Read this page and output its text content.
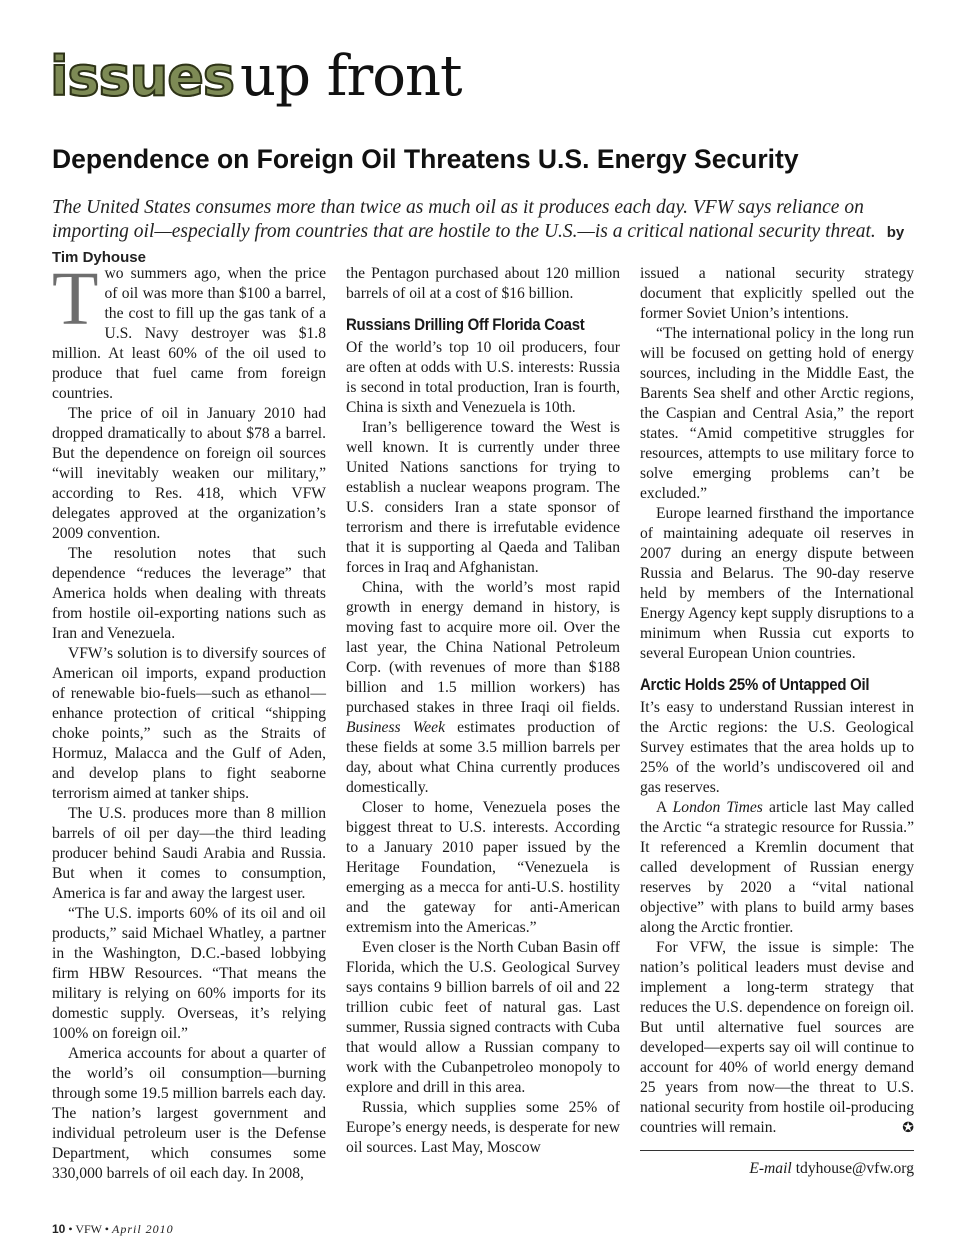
issues up front
Dependence on Foreign Oil Threatens U.S. Energy Security
The United States consumes more than twice as much oil as it produces each day. VFW says reliance on importing oil—especially from countries that are hostile to the U.S.—is a critical national security threat. by Tim Dyhouse

Two summers ago, when the price of oil was more than $100 a barrel, the cost to fill up the gas tank of a U.S. Navy destroyer was $1.8 million. At least 60% of the oil used to produce that fuel came from foreign countries.

The price of oil in January 2010 had dropped dramatically to about $78 a barrel. But the dependence on foreign oil sources “will inevitably weaken our military,” according to Res. 418, which VFW delegates approved at the organization’s 2009 convention.

The resolution notes that such dependence “reduces the leverage” that America holds when dealing with threats from hostile oil-exporting nations such as Iran and Venezuela.

VFW’s solution is to diversify sources of American oil imports, expand production of renewable bio-fuels—such as ethanol—enhance protection of critical “shipping choke points,” such as the Straits of Hormuz, Malacca and the Gulf of Aden, and develop plans to fight seaborne terrorism aimed at tanker ships.

The U.S. produces more than 8 million barrels of oil per day—the third leading producer behind Saudi Arabia and Russia. But when it comes to consumption, America is far and away the largest user.

“The U.S. imports 60% of its oil and oil products,” said Michael Whatley, a partner in the Washington, D.C.-based lobbying firm HBW Resources. “That means the military is relying on 60% imports for its domestic supply. Overseas, it’s relying 100% on foreign oil.”

America accounts for about a quarter of the world’s oil consumption—burning through some 19.5 million barrels each day. The nation’s largest government and individual petroleum user is the Defense Department, which consumes some 330,000 barrels of oil each day. In 2008,

the Pentagon purchased about 120 million barrels of oil at a cost of $16 billion.

Russians Drilling Off Florida Coast

Of the world’s top 10 oil producers, four are often at odds with U.S. interests: Russia is second in total production, Iran is fourth, China is sixth and Venezuela is 10th.

Iran’s belligerence toward the West is well known. It is currently under three United Nations sanctions for trying to establish a nuclear weapons program. The U.S. considers Iran a state sponsor of terrorism and there is irrefutable evidence that it is supporting al Qaeda and Taliban forces in Iraq and Afghanistan.

China, with the world’s most rapid growth in energy demand in history, is moving fast to acquire more oil. Over the last year, the China National Petroleum Corp. (with revenues of more than $188 billion and 1.5 million workers) has purchased stakes in three Iraqi oil fields. Business Week estimates production of these fields at some 3.5 million barrels per day, about what China currently produces domestically.

Closer to home, Venezuela poses the biggest threat to U.S. interests. According to a January 2010 paper issued by the Heritage Foundation, “Venezuela is emerging as a mecca for anti-U.S. hostility and the gateway for anti-American extremism into the Americas.”

Even closer is the North Cuban Basin off Florida, which the U.S. Geological Survey says contains 9 billion barrels of oil and 22 trillion cubic feet of natural gas. Last summer, Russia signed contracts with Cuba that would allow a Russian company to work with the Cubanpetroleo monopoly to explore and drill in this area.

Russia, which supplies some 25% of Europe’s energy needs, is desperate for new oil sources. Last May, Moscow

issued a national security strategy document that explicitly spelled out the former Soviet Union’s intentions.

“The international policy in the long run will be focused on getting hold of energy sources, including in the Middle East, the Barents Sea shelf and other Arctic regions, the Caspian and Central Asia,” the report states. “Amid competitive struggles for resources, attempts to use military force to solve emerging problems can’t be excluded.”

Europe learned firsthand the importance of maintaining adequate oil reserves in 2007 during an energy dispute between Russia and Belarus. The 90-day reserve held by members of the International Energy Agency kept supply disruptions to a minimum when Russia cut exports to several European Union countries.

Arctic Holds 25% of Untapped Oil

It’s easy to understand Russian interest in the Arctic regions: the U.S. Geological Survey estimates that the area holds up to 25% of the world’s undiscovered oil and gas reserves.

A London Times article last May called the Arctic “a strategic resource for Russia.” It referenced a Kremlin document that called development of Russian energy reserves by 2020 a “vital national objective” with plans to build army bases along the Arctic frontier.

For VFW, the issue is simple: The nation’s political leaders must devise and implement a long-term strategy that reduces the U.S. dependence on foreign oil. But until alternative fuel sources are developed—experts say oil will continue to account for 40% of world energy demand 25 years from now—the threat to U.S. national security from hostile oil-producing countries will remain.	✪

E-mail tdyhouse@vfw.org
10 • VFW • April 2010
